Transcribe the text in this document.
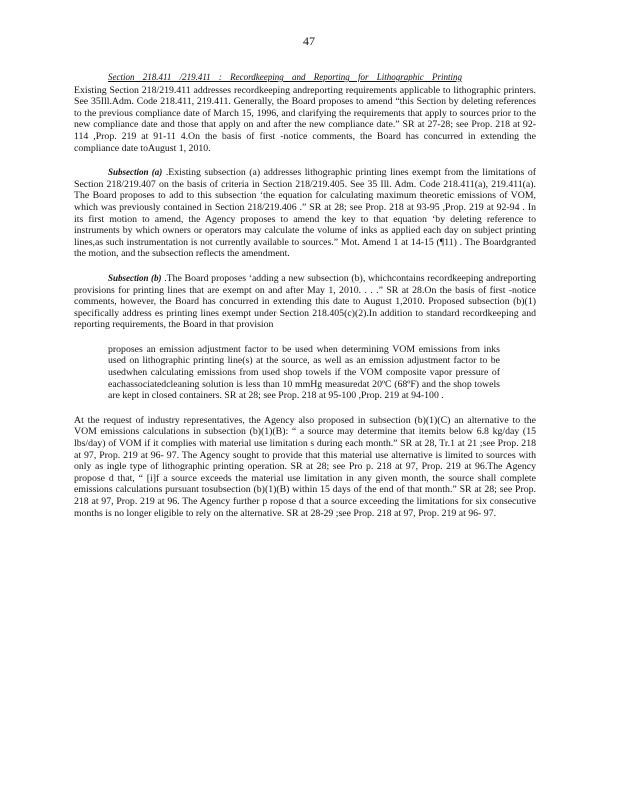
47
Section 218.411 /219.411 : Recordkeeping and Reporting for Lithographic Printing

Existing Section 218/219.411 addresses recordkeeping andreporting requirements applicable to lithographic printers. See 35Ill.Adm. Code 218.411, 219.411. Generally, the Board proposes to amend “this Section by deleting references to the previous compliance date of March 15, 1996, and clarifying the requirements that apply to sources prior to the new compliance date and those that apply on and after the new compliance date.” SR at 27-28; see Prop. 218 at 92-114 ,Prop. 219 at 91-11 4.On the basis of first -notice comments, the Board has concurred in extending the compliance date toAugust 1, 2010.

Subsection (a) .Existing subsection (a) addresses lithographic printing lines exempt from the limitations of Section 218/219.407 on the basis of criteria in Section 218/219.405. See 35 Ill. Adm. Code 218.411(a), 219.411(a). The Board proposes to add to this subsection ‘the equation for calculating maximum theoretic emissions of VOM, which was previously contained in Section 218/219.406 .” SR at 28; see Prop. 218 at 93-95 ,Prop. 219 at 92-94 . In its first motion to amend, the Agency proposes to amend the key to that equation ‘by deleting reference to instruments by which owners or operators may calculate the volume of inks as applied each day on subject printing lines,as such instrumentation is not currently available to sources.” Mot. Amend 1 at 14-15 (¶11) . The Boardgranted the motion, and the subsection reflects the amendment.

Subsection (b) .The Board proposes ‘adding a new subsection (b), whichcontains recordkeeping andreporting provisions for printing lines that are exempt on and after May 1, 2010. . . .” SR at 28.On the basis of first -notice comments, however, the Board has concurred in extending this date to August 1,2010. Proposed subsection (b)(1) specifically address es printing lines exempt under Section 218.405(c)(2).In addition to standard recordkeeping and reporting requirements, the Board in that provision

proposes an emission adjustment factor to be used when determining VOM emissions from inks used on lithographic printing line(s) at the source, as well as an emission adjustment factor to be usedwhen calculating emissions from used shop towels if the VOM composite vapor pressure of eachassociatedcleaning solution is less than 10 mmHg measuredat 20ºC (68ºF) and the shop towels are kept in closed containers. SR at 28; see Prop. 218 at 95-100 ,Prop. 219 at 94-100 .

At the request of industry representatives, the Agency also proposed in subsection (b)(1)(C) an alternative to the VOM emissions calculations in subsection (b)(1)(B): “ a source may determine that itemits below 6.8 kg/day (15 lbs/day) of VOM if it complies with material use limitation s during each month.” SR at 28, Tr.1 at 21 ;see Prop. 218 at 97, Prop. 219 at 96- 97. The Agency sought to provide that this material use alternative is limited to sources with only as ingle type of lithographic printing operation. SR at 28; see Pro p. 218 at 97, Prop. 219 at 96.The Agency propose d that, “ [i]f a source exceeds the material use limitation in any given month, the source shall complete emissions calculations pursuant tosubsection (b)(1)(B) within 15 days of the end of that month.” SR at 28; see Prop. 218 at 97, Prop. 219 at 96. The Agency further p ropose d that a source exceeding the limitations for six consecutive months is no longer eligible to rely on the alternative. SR at 28-29 ;see Prop. 218 at 97, Prop. 219 at 96- 97.
